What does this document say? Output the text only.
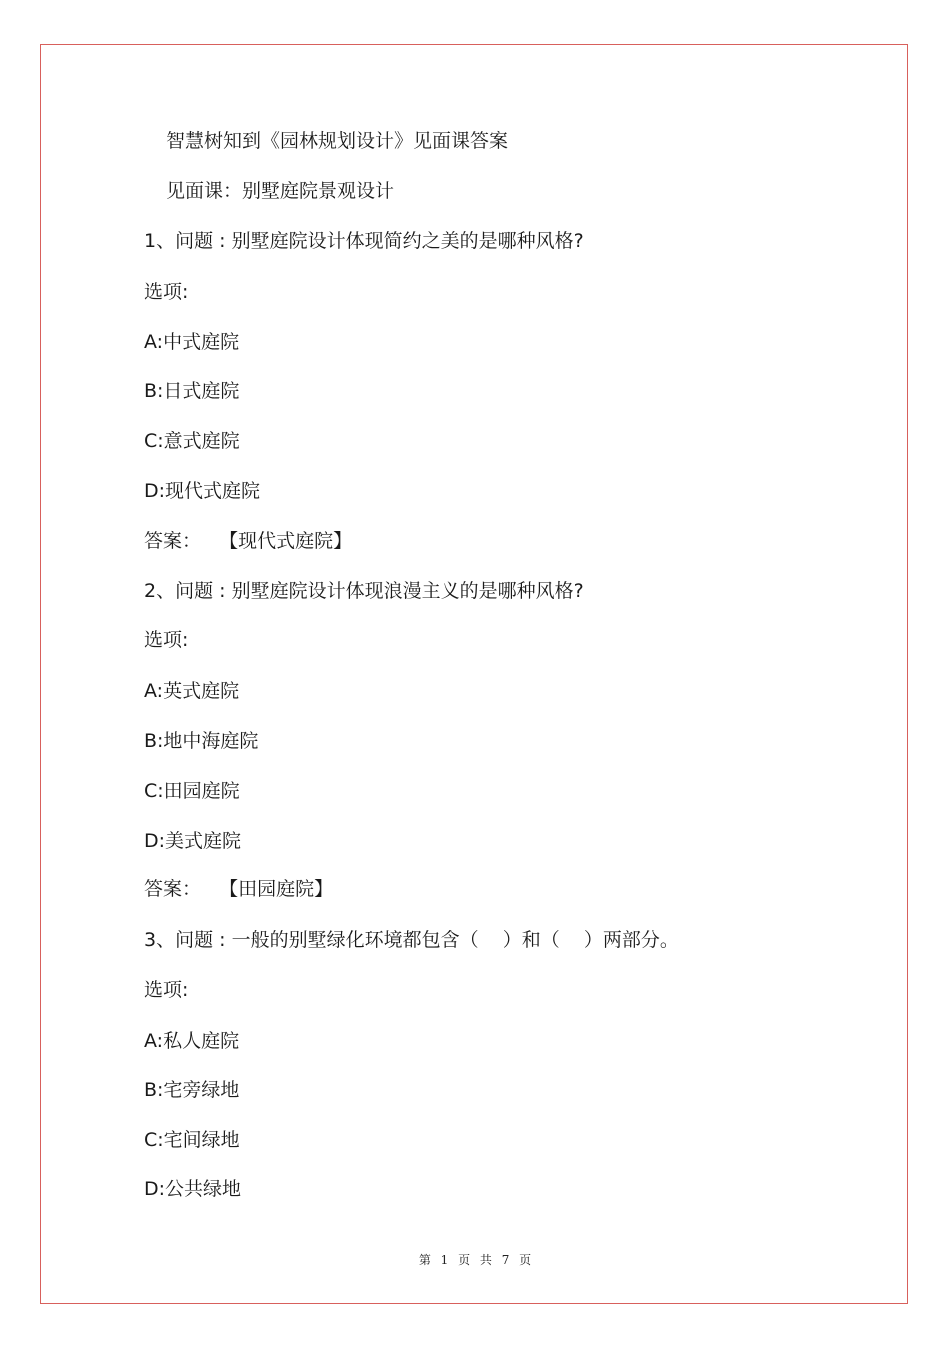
智慧树知到《园林规划设计》见面课答案
见面课：别墅庭院景观设计
1、问题 : 别墅庭院设计体现简约之美的是哪种风格?
选项:
A:中式庭院
B:日式庭院
C:意式庭院
D:现代式庭院
答案：   【现代式庭院】
2、问题 : 别墅庭院设计体现浪漫主义的是哪种风格?
选项:
A:英式庭院
B:地中海庭院
C:田园庭院
D:美式庭院
答案：   【田园庭院】
3、问题 : 一般的别墅绿化环境都包含（    ）和（    ）两部分。
选项:
A:私人庭院
B:宅旁绿地
C:宅间绿地
D:公共绿地
第 1 页 共 7 页
